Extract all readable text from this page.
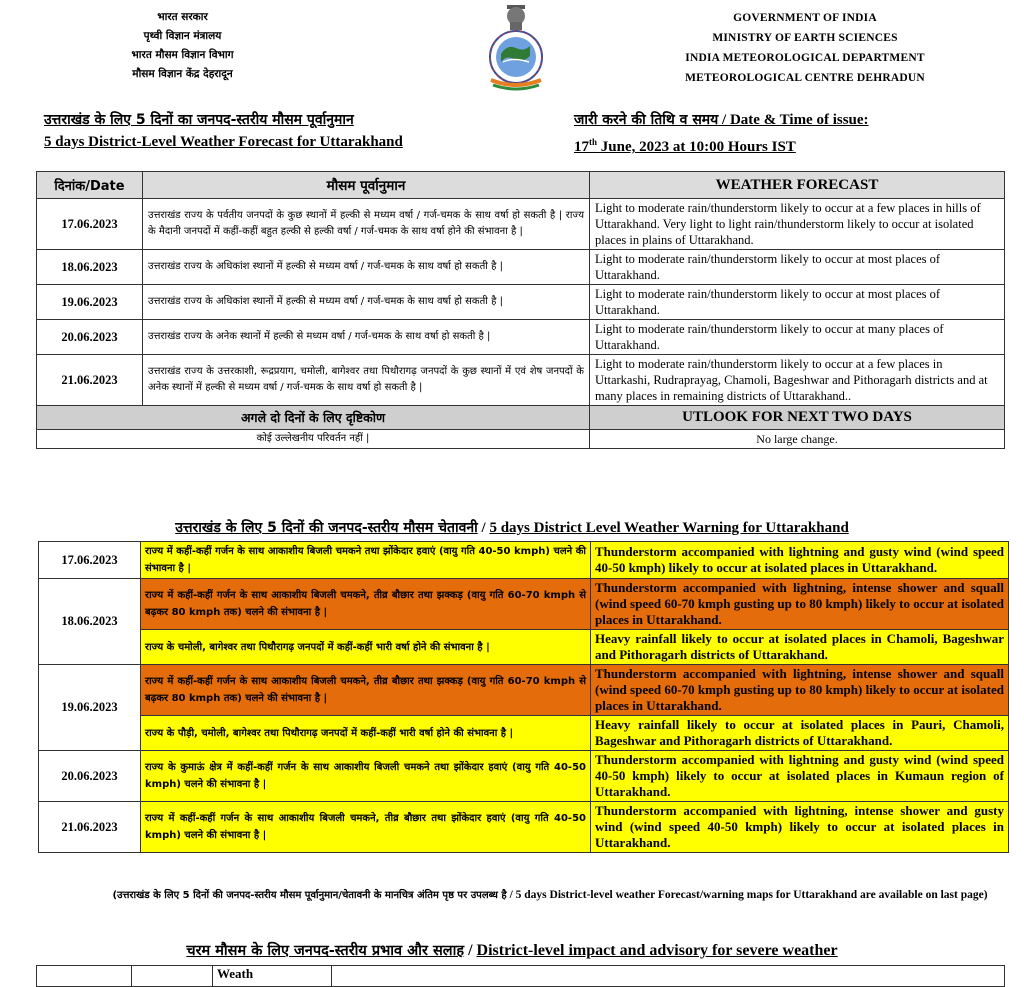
भारत सरकार
पृथ्वी विज्ञान मंत्रालय
भारत मौसम विज्ञान विभाग
मौसम विज्ञान केंद्र देहरादून
GOVERNMENT OF INDIA
MINISTRY OF EARTH SCIENCES
INDIA METEOROLOGICAL DEPARTMENT
METEOROLOGICAL CENTRE DEHRADUN
उत्तराखंड के लिए 5 दिनों का जनपद-स्तरीय मौसम पूर्वानुमान
5 days District-Level Weather Forecast for Uttarakhand
जारी करने की तिथि व समय / Date & Time of issue:
17th June, 2023 at 10:00 Hours IST
दिनांक/Date	मौसम पूर्वानुमान	WEATHER FORECAST
17.06.2023	उत्तराखंड राज्य के पर्वतीय जनपदों के कुछ स्थानों में हल्की से मध्यम वर्षा / गर्ज-चमक के साथ वर्षा हो सकती है | राज्य के मैदानी जनपदों में कहीं-कहीं बहुत हल्की से हल्की वर्षा / गर्ज-चमक के साथ वर्षा होने की संभावना है |	Light to moderate rain/thunderstorm likely to occur at a few places in hills of Uttarakhand. Very light to light rain/thunderstorm likely to occur at isolated places in plains of Uttarakhand.
18.06.2023	उत्तराखंड राज्य के अधिकांश स्थानों में हल्की से मध्यम वर्षा / गर्ज-चमक के साथ वर्षा हो सकती है |	Light to moderate rain/thunderstorm likely to occur at most places of Uttarakhand.
19.06.2023	उत्तराखंड राज्य के अधिकांश स्थानों में हल्की से मध्यम वर्षा / गर्ज-चमक के साथ वर्षा हो सकती है |	Light to moderate rain/thunderstorm likely to occur at most places of Uttarakhand.
20.06.2023	उत्तराखंड राज्य के अनेक स्थानों में हल्की से मध्यम वर्षा / गर्ज-चमक के साथ वर्षा हो सकती है |	Light to moderate rain/thunderstorm likely to occur at many places of Uttarakhand.
21.06.2023	उत्तराखंड राज्य के उत्तरकाशी, रूद्रप्रयाग, चमोली, बागेश्वर तथा पिथौरागढ़ जनपदों के कुछ स्थानों में एवं शेष जनपदों के अनेक स्थानों में हल्की से मध्यम वर्षा / गर्ज-चमक के साथ वर्षा हो सकती है |	Light to moderate rain/thunderstorm likely to occur at a few places in Uttarkashi, Rudraprayag, Chamoli, Bageshwar and Pithoragarh districts and at many places in remaining districts of Uttarakhand..
अगले दो दिनों के लिए दृष्टिकोण		UTLOOK FOR NEXT TWO DAYS
कोई उल्लेखनीय परिवर्तन नहीं |		No large change.
उत्तराखंड के लिए 5 दिनों की जनपद-स्तरीय मौसम चेतावनी / 5 days District Level Weather Warning for Uttarakhand
17.06.2023	राज्य में कहीं-कहीं गर्जन के साथ आकाशीय बिजली चमकने तथा झोंकेदार हवाएं (वायु गति 40-50 kmph) चलने की संभावना है |	Thunderstorm accompanied with lightning and gusty wind (wind speed 40-50 kmph) likely to occur at isolated places in Uttarakhand.
18.06.2023	राज्य में कहीं-कहीं गर्जन के साथ आकाशीय बिजली चमकने, तीव्र बौछार तथा झक्कड़ (वायु गति 60-70 kmph से बढ़कर 80 kmph तक) चलने की संभावना है |	Thunderstorm accompanied with lightning, intense shower and squall (wind speed 60-70 kmph gusting up to 80 kmph) likely to occur at isolated places in Uttarakhand.
	राज्य के चमोली, बागेश्वर तथा पिथौरागढ़ जनपदों में कहीं-कहीं भारी वर्षा होने की संभावना है |	Heavy rainfall likely to occur at isolated places in Chamoli, Bageshwar and Pithoragarh districts of Uttarakhand.
19.06.2023	राज्य में कहीं-कहीं गर्जन के साथ आकाशीय बिजली चमकने, तीव्र बौछार तथा झक्कड़ (वायु गति 60-70 kmph से बढ़कर 80 kmph तक) चलने की संभावना है |	Thunderstorm accompanied with lightning, intense shower and squall (wind speed 60-70 kmph gusting up to 80 kmph) likely to occur at isolated places in Uttarakhand.
	राज्य के पौड़ी, चमोली, बागेश्वर तथा पिथौरागढ़ जनपदों में कहीं-कहीं भारी वर्षा होने की संभावना है |	Heavy rainfall likely to occur at isolated places in Pauri, Chamoli, Bageshwar and Pithoragarh districts of Uttarakhand.
20.06.2023	राज्य के कुमाऊं क्षेत्र में कहीं-कहीं गर्जन के साथ आकाशीय बिजली चमकने तथा झोंकेदार हवाएं (वायु गति 40-50 kmph) चलने की संभावना है |	Thunderstorm accompanied with lightning and gusty wind (wind speed 40-50 kmph) likely to occur at isolated places in Kumaun region of Uttarakhand.
21.06.2023	राज्य में कहीं-कहीं गर्जन के साथ आकाशीय बिजली चमकने, तीव्र बौछार तथा झोंकेदार हवाएं (वायु गति 40-50 kmph) चलने की संभावना है |	Thunderstorm accompanied with lightning, intense shower and gusty wind (wind speed 40-50 kmph) likely to occur at isolated places in Uttarakhand.
(उत्तराखंड के लिए 5 दिनों की जनपद-स्तरीय मौसम पूर्वानुमान/चेतावनी के मानचित्र अंतिम पृष्ठ पर उपलब्ध है / 5 days District-level weather Forecast/warning maps for Uttarakhand are available on last page)
चरम मौसम के लिए जनपद-स्तरीय प्रभाव और सलाह / District-level impact and advisory for severe weather
		Weath	
